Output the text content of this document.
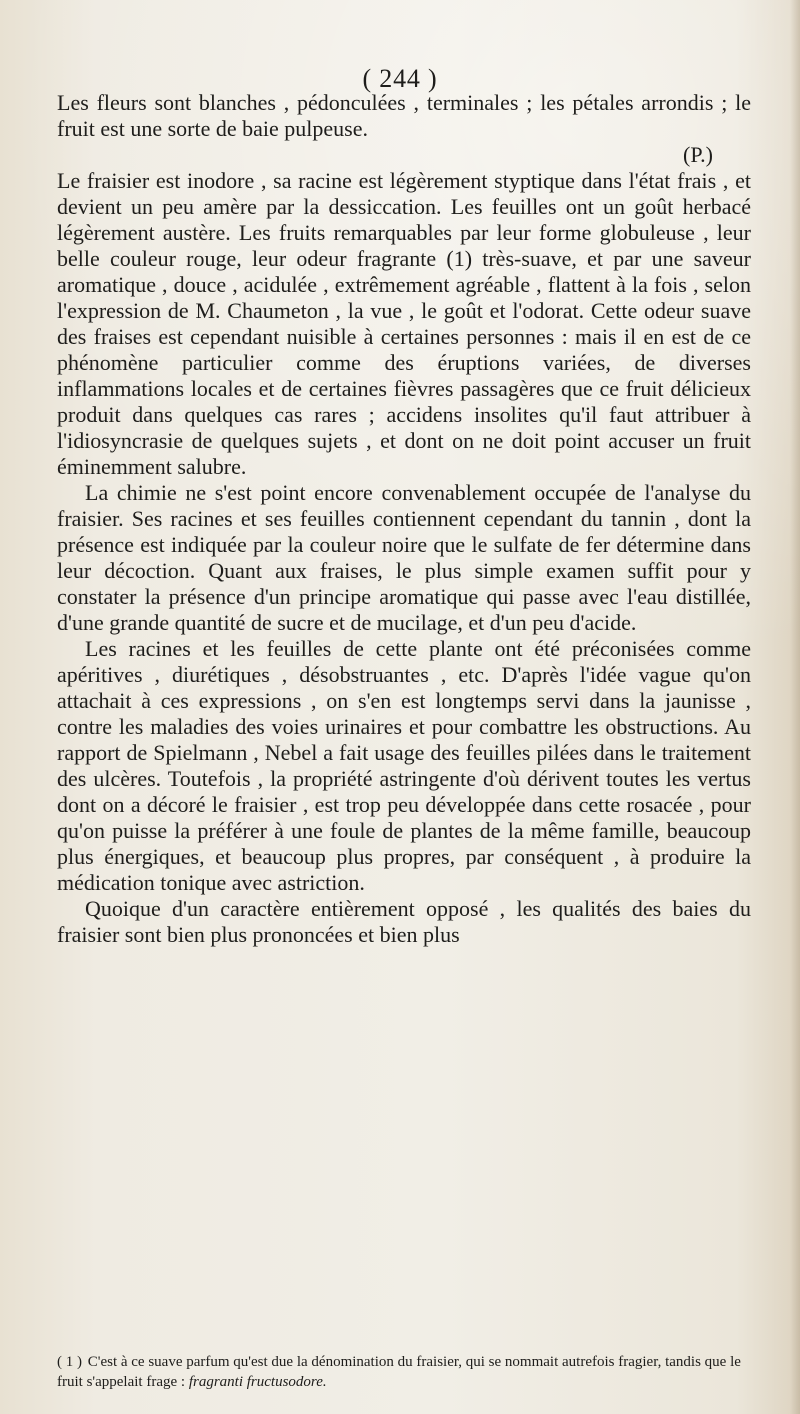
( 244 )

Les fleurs sont blanches , pédonculées , terminales ; les pétales arrondis ; le fruit est une sorte de baie pulpeuse.

(P.)

Le fraisier est inodore , sa racine est légèrement styptique dans l'état frais , et devient un peu amère par la dessiccation. Les feuilles ont un goût herbacé légèrement austère. Les fruits remarquables par leur forme globuleuse , leur belle couleur rouge, leur odeur fragrante (1) très-suave, et par une saveur aromatique , douce , acidulée , extrêmement agréable , flattent à la fois , selon l'expression de M. Chaumeton , la vue , le goût et l'odorat. Cette odeur suave des fraises est cependant nuisible à certaines personnes : mais il en est de ce phénomène particulier comme des éruptions variées, de diverses inflammations locales et de certaines fièvres passagères que ce fruit délicieux produit dans quelques cas rares ; accidens insolites qu'il faut attribuer à l'idiosyncrasie de quelques sujets , et dont on ne doit point accuser un fruit éminemment salubre.

La chimie ne s'est point encore convenablement occupée de l'analyse du fraisier. Ses racines et ses feuilles contiennent cependant du tannin , dont la présence est indiquée par la couleur noire que le sulfate de fer détermine dans leur décoction. Quant aux fraises, le plus simple examen suffit pour y constater la présence d'un principe aromatique qui passe avec l'eau distillée, d'une grande quantité de sucre et de mucilage, et d'un peu d'acide.

Les racines et les feuilles de cette plante ont été préconisées comme apéritives , diurétiques , désobstruantes , etc. D'après l'idée vague qu'on attachait à ces expressions , on s'en est longtemps servi dans la jaunisse , contre les maladies des voies urinaires et pour combattre les obstructions. Au rapport de Spielmann , Nebel a fait usage des feuilles pilées dans le traitement des ulcères. Toutefois , la propriété astringente d'où dérivent toutes les vertus dont on a décoré le fraisier , est trop peu développée dans cette rosacée , pour qu'on puisse la préférer à une foule de plantes de la même famille, beaucoup plus énergiques, et beaucoup plus propres, par conséquent , à produire la médication tonique avec astriction.

Quoique d'un caractère entièrement opposé , les qualités des baies du fraisier sont bien plus prononcées et bien plus

( 1 ) C'est à ce suave parfum qu'est due la dénomination du fraisier, qui se nommait autrefois fragier, tandis que le fruit s'appelait frage : fragranti fructusodore.
